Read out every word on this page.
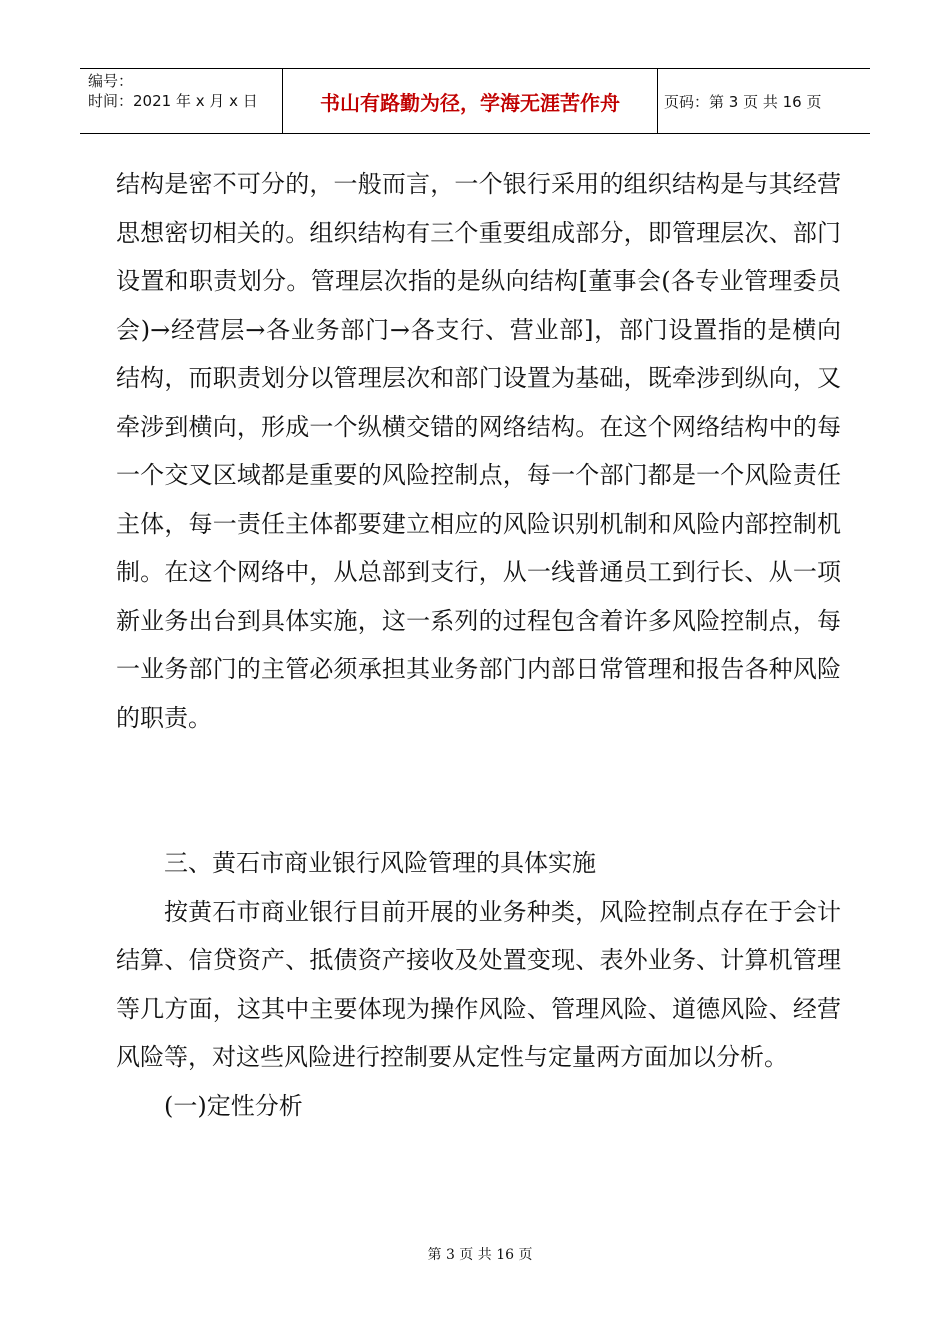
编号：
时间：2021 年 x 月 x 日	书山有路勤为径，学海无涯苦作舟	页码：第 3 页 共 16 页

结构是密不可分的，一般而言，一个银行采用的组织结构是与其经营思想密切相关的。组织结构有三个重要组成部分，即管理层次、部门设置和职责划分。管理层次指的是纵向结构[董事会(各专业管理委员会)→经营层→各业务部门→各支行、营业部]，部门设置指的是横向结构，而职责划分以管理层次和部门设置为基础，既牵涉到纵向，又牵涉到横向，形成一个纵横交错的网络结构。在这个网络结构中的每一个交叉区域都是重要的风险控制点，每一个部门都是一个风险责任主体，每一责任主体都要建立相应的风险识别机制和风险内部控制机制。在这个网络中，从总部到支行，从一线普通员工到行长、从一项新业务出台到具体实施，这一系列的过程包含着许多风险控制点，每一业务部门的主管必须承担其业务部门内部日常管理和报告各种风险的职责。

三、黄石市商业银行风险管理的具体实施

按黄石市商业银行目前开展的业务种类，风险控制点存在于会计结算、信贷资产、抵债资产接收及处置变现、表外业务、计算机管理等几方面，这其中主要体现为操作风险、管理风险、道德风险、经营风险等，对这些风险进行控制要从定性与定量两方面加以分析。

(一)定性分析

第 3 页 共 16 页
